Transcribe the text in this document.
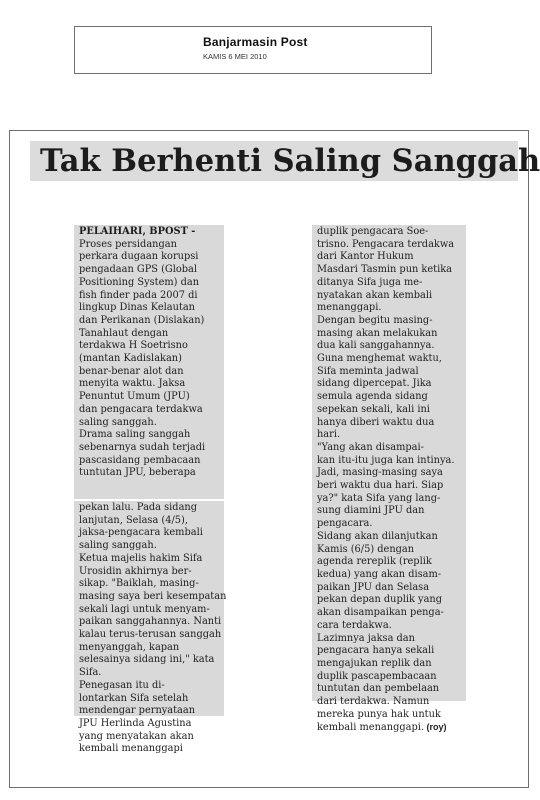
Banjarmasin Post
KAMIS 6 MEI 2010
Tak Berhenti Saling Sanggah

PELAIHARI, BPOST -

Proses persidangan

perkara dugaan korupsi

pengadaan GPS (Global

Positioning System) dan

fish finder pada 2007 di

lingkup Dinas Kelautan

dan Perikanan (Dislakan)

Tanahlaut dengan

terdakwa H Soetrisno

(mantan Kadislakan)

benar-benar alot dan

menyita waktu. Jaksa

Penuntut Umum (JPU)

dan pengacara terdakwa

saling sanggah.

Drama saling sanggah

sebenarnya sudah terjadi

pascasidang pembacaan

tuntutan JPU, beberapa

pekan lalu. Pada sidang

lanjutan, Selasa (4/5),

jaksa-pengacara kembali

saling sanggah.

Ketua majelis hakim Sifa

Urosidin akhirnya ber-

sikap. "Baiklah, masing-

masing saya beri kesempatan

sekali lagi untuk menyam-

paikan sanggahannya. Nanti

kalau terus-terusan sanggah

menyanggah, kapan

selesainya sidang ini," kata

Sifa.

Penegasan itu di-

lontarkan Sifa setelah

mendengar pernyataan

JPU Herlinda Agustina

yang menyatakan akan

kembali menanggapi

duplik pengacara Soe-

trisno. Pengacara terdakwa

dari Kantor Hukum

Masdari Tasmin pun ketika

ditanya Sifa juga me-

nyatakan akan kembali

menanggapi.

Dengan begitu masing-

masing akan melakukan

dua kali sanggahannya.

Guna menghemat waktu,

Sifa meminta jadwal

sidang dipercepat. Jika

semula agenda sidang

sepekan sekali, kali ini

hanya diberi waktu dua

hari.

"Yang akan disampai-

kan itu-itu juga kan intinya.

Jadi, masing-masing saya

beri waktu dua hari. Siap

ya?" kata Sifa yang lang-

sung diamini JPU dan

pengacara.

Sidang akan dilanjutkan

Kamis (6/5) dengan

agenda rereplik (replik

kedua) yang akan disam-

paikan JPU dan Selasa

pekan depan duplik yang

akan disampaikan penga-

cara terdakwa.

Lazimnya jaksa dan

pengacara hanya sekali

mengajukan replik dan

duplik pascapembacaan

tuntutan dan pembelaan

dari terdakwa. Namun

mereka punya hak untuk

kembali menanggapi. (roy)
